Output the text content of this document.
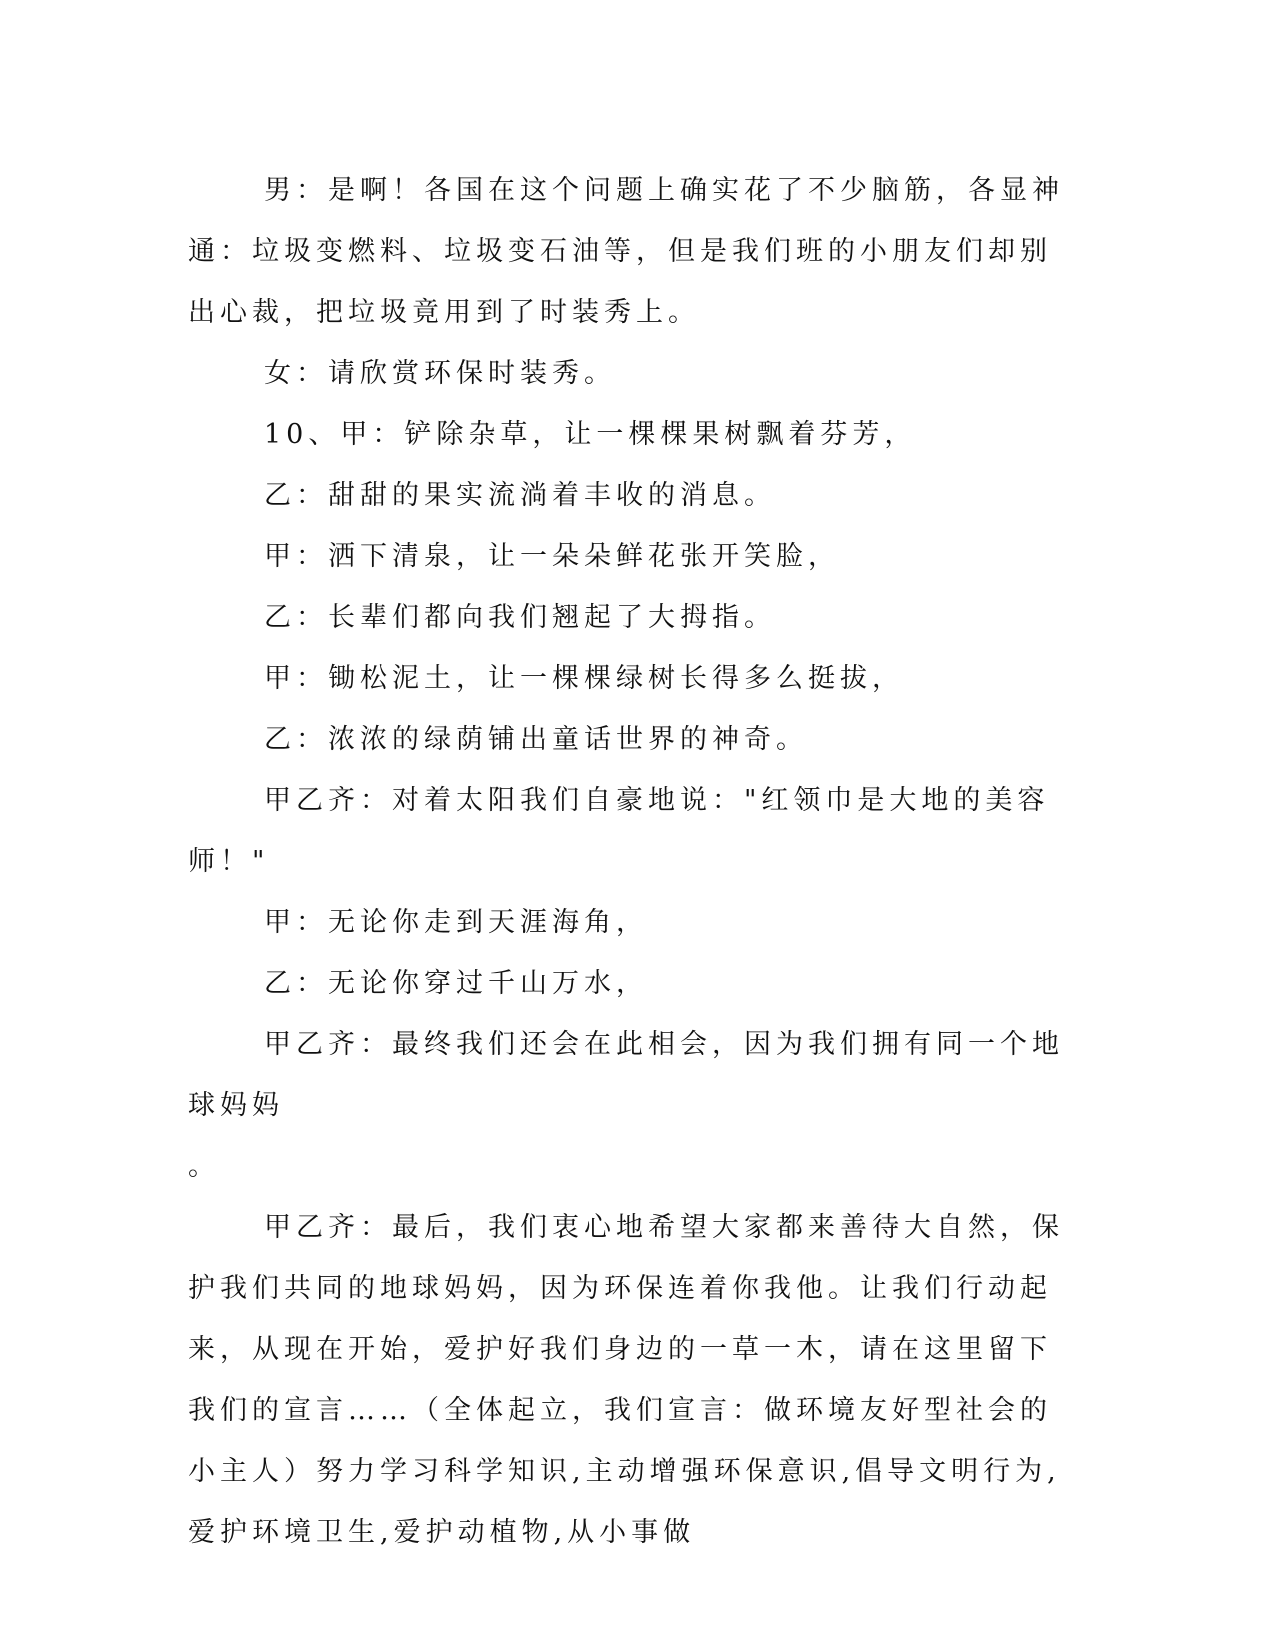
男：是啊！各国在这个问题上确实花了不少脑筋，各显神通：垃圾变燃料、垃圾变石油等，但是我们班的小朋友们却别出心裁，把垃圾竟用到了时装秀上。

女：请欣赏环保时装秀。

10、甲：铲除杂草，让一棵棵果树飘着芬芳，

乙：甜甜的果实流淌着丰收的消息。

甲：洒下清泉，让一朵朵鲜花张开笑脸，

乙：长辈们都向我们翘起了大拇指。

甲：锄松泥土，让一棵棵绿树长得多么挺拔，

乙：浓浓的绿荫铺出童话世界的神奇。

甲乙齐：对着太阳我们自豪地说："红领巾是大地的美容师！"

甲：无论你走到天涯海角，

乙：无论你穿过千山万水，

甲乙齐：最终我们还会在此相会，因为我们拥有同一个地球妈妈

。

甲乙齐：最后，我们衷心地希望大家都来善待大自然，保护我们共同的地球妈妈，因为环保连着你我他。让我们行动起来，从现在开始，爱护好我们身边的一草一木，请在这里留下我们的宣言……（全体起立，我们宣言：做环境友好型社会的小主人）努力学习科学知识,主动增强环保意识,倡导文明行为,爱护环境卫生,爱护动植物,从小事做
